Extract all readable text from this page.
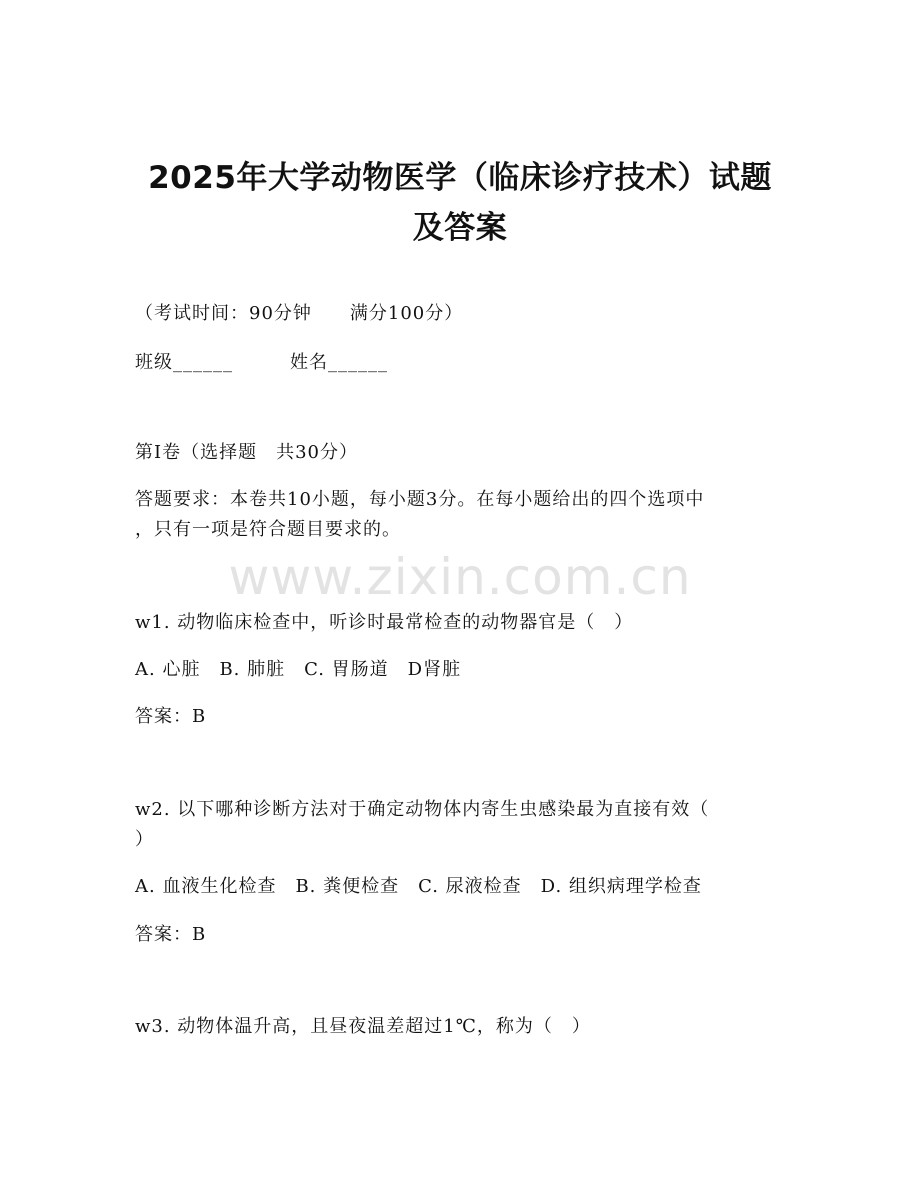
2025年大学动物医学（临床诊疗技术）试题
及答案
（考试时间：90分钟　　满分100分）
班级______　　　姓名______
第I卷（选择题　共30分）
答题要求：本卷共10小题，每小题3分。在每小题给出的四个选项中
，只有一项是符合题目要求的。
www.zixin.com.cn
w1. 动物临床检查中，听诊时最常检查的动物器官是（　）
A. 心脏　B. 肺脏　C. 胃肠道　D肾脏
答案：B
w2. 以下哪种诊断方法对于确定动物体内寄生虫感染最为直接有效（
）
A. 血液生化检查　B. 粪便检查　C. 尿液检查　D. 组织病理学检查
答案：B
w3. 动物体温升高，且昼夜温差超过1℃，称为（　）
